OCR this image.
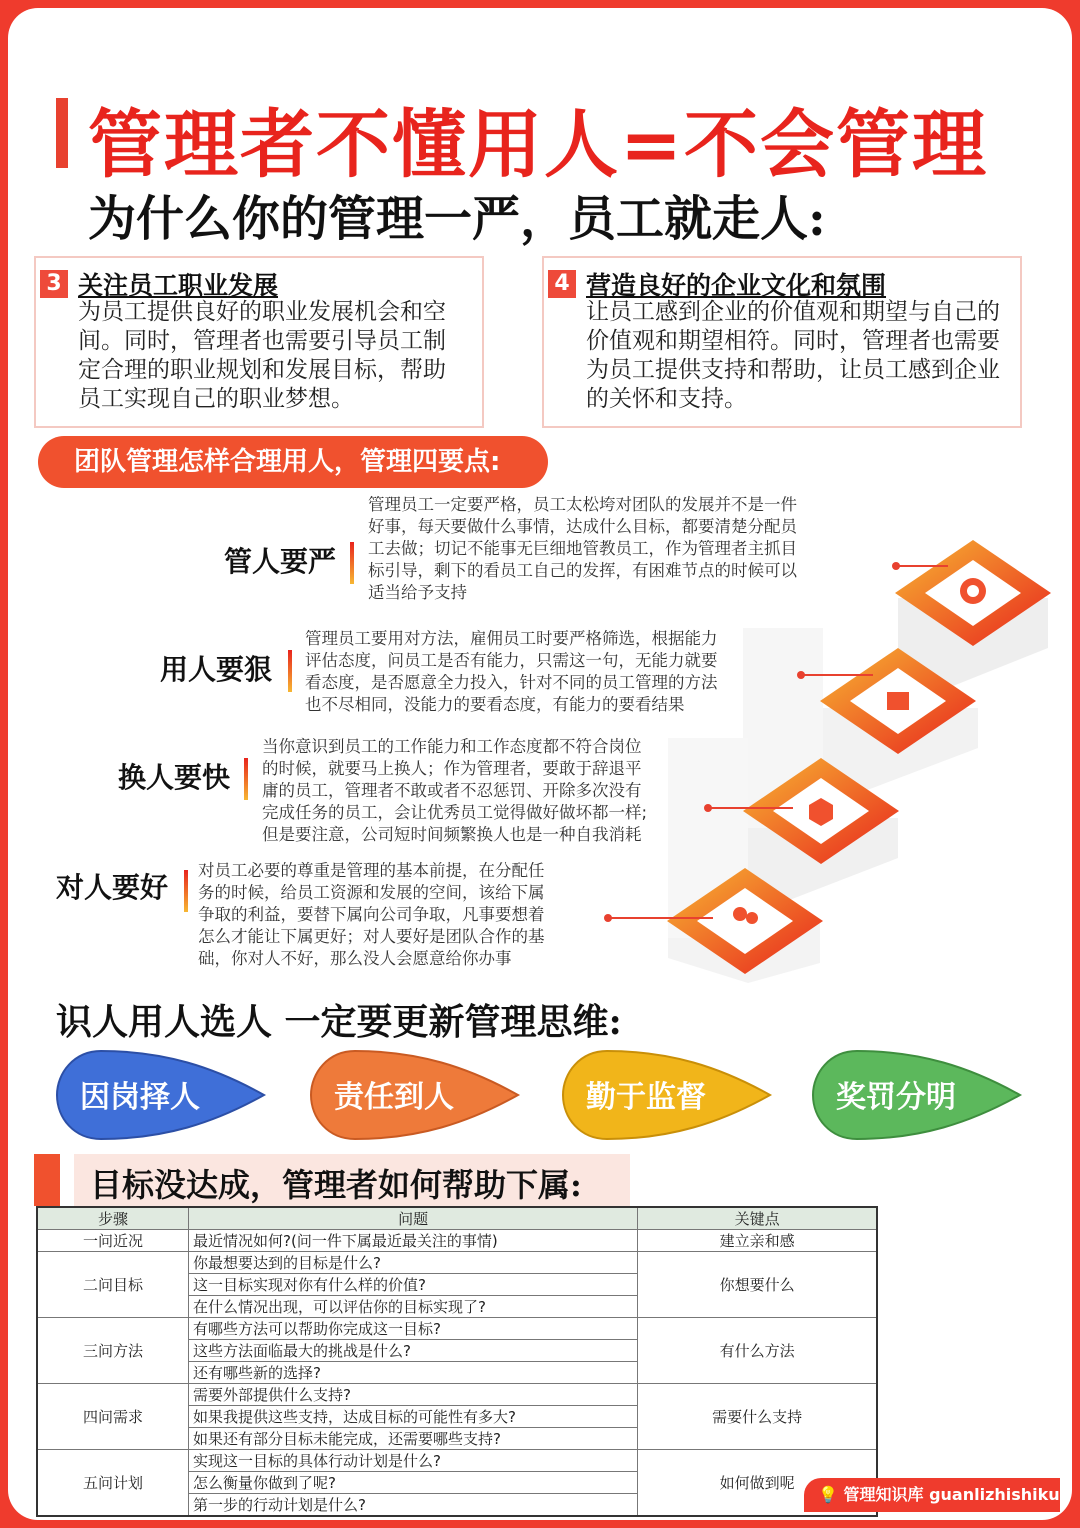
管理者不懂用人=不会管理
为什么你的管理一严，员工就走人:
3 关注员工职业发展
为员工提供良好的职业发展机会和空
间。同时，管理者也需要引导员工制
定合理的职业规划和发展目标，帮助
员工实现自己的职业梦想。
4 营造良好的企业文化和氛围
让员工感到企业的价值观和期望与自己的
价值观和期望相符。同时，管理者也需要
为员工提供支持和帮助，让员工感到企业
的关怀和支持。
团队管理怎样合理用人，管理四要点:
管人要严
管理员工一定要严格，员工太松垮对团队的发展并不是一件
好事，每天要做什么事情，达成什么目标，都要清楚分配员
工去做；切记不能事无巨细地管教员工，作为管理者主抓目
标引导，剩下的看员工自己的发挥，有困难节点的时候可以
适当给予支持
用人要狠
管理员工要用对方法，雇佣员工时要严格筛选，根据能力
评估态度，问员工是否有能力，只需这一句，无能力就要
看态度，是否愿意全力投入，针对不同的员工管理的方法
也不尽相同，没能力的要看态度，有能力的要看结果
换人要快
当你意识到员工的工作能力和工作态度都不符合岗位
的时候，就要马上换人；作为管理者，要敢于辞退平
庸的员工，管理者不敢或者不忍惩罚、开除多次没有
完成任务的员工，会让优秀员工觉得做好做坏都一样;
但是要注意，公司短时间频繁换人也是一种自我消耗
对人要好
对员工必要的尊重是管理的基本前提，在分配任
务的时候，给员工资源和发展的空间，该给下属
争取的利益，要替下属向公司争取，凡事要想着
怎么才能让下属更好；对人要好是团队合作的基
础，你对人不好，那么没人会愿意给你办事
识人用人选人 一定要更新管理思维:
因岗择人	责任到人	勤于监督	奖罚分明
目标没达成，管理者如何帮助下属:
步骤	问题	关键点
一问近况	最近情况如何?(问一件下属最近最关注的事情)	建立亲和感
二问目标	你最想要达到的目标是什么?	你想要什么
	这一目标实现对你有什么样的价值?	
	在什么情况出现，可以评估你的目标实现了?	
三问方法	有哪些方法可以帮助你完成这一目标?	有什么方法
	这些方法面临最大的挑战是什么?	
	还有哪些新的选择?	
四问需求	需要外部提供什么支持?	需要什么支持
	如果我提供这些支持，达成目标的可能性有多大?	
	如果还有部分目标未能完成，还需要哪些支持?	
五问计划	实现这一目标的具体行动计划是什么?	如何做到呢
	怎么衡量你做到了呢?	
	第一步的行动计划是什么?	
💡 管理知识库 guanlizhishiku
